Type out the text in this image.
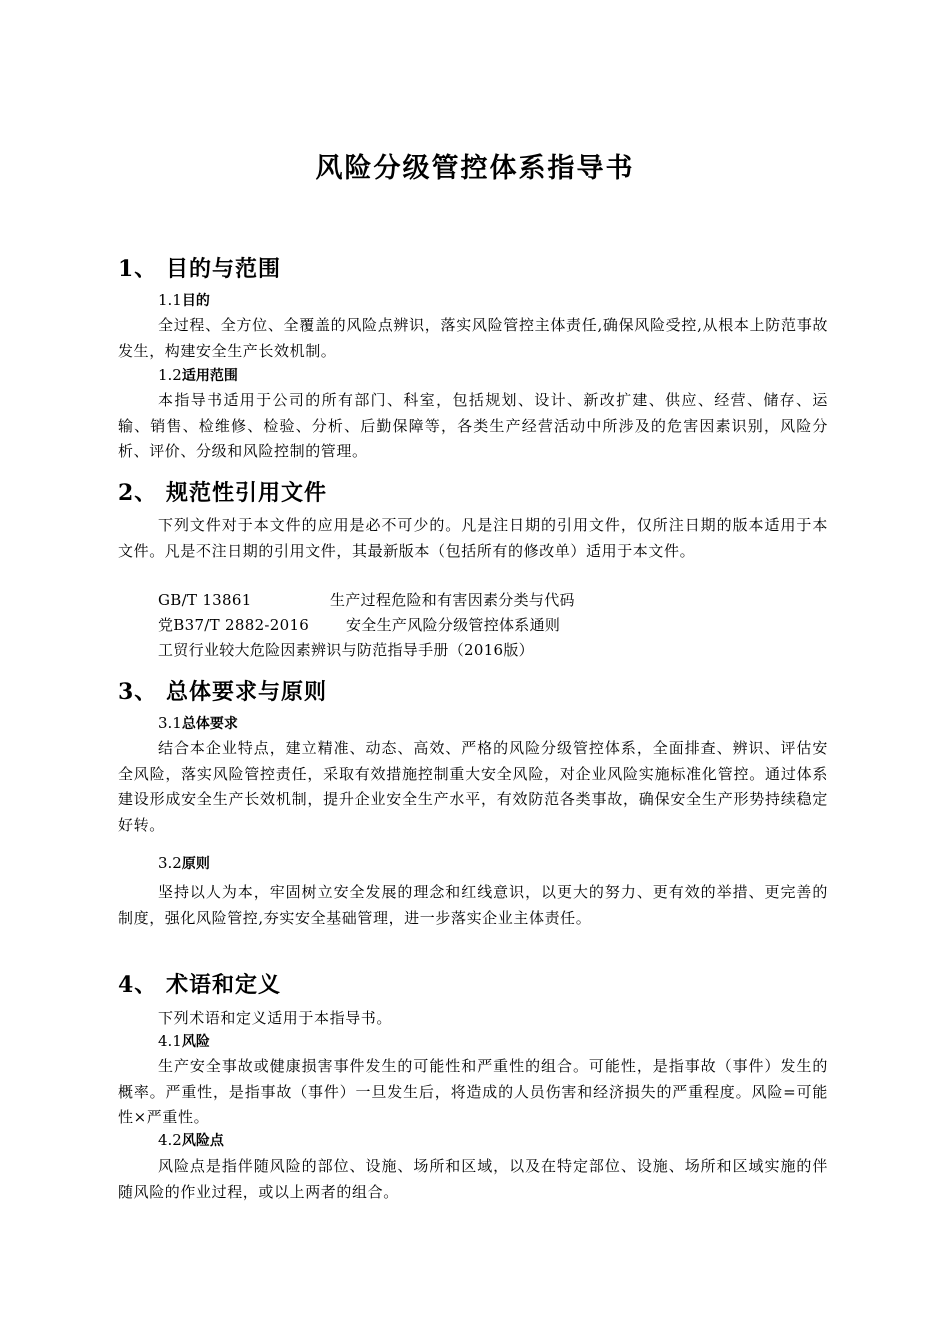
风险分级管控体系指导书
1、 目的与范围
1.1目的
全过程、全方位、全覆盖的风险点辨识，落实风险管控主体责任,确保风险受控,从根本上防范事故发生，构建安全生产长效机制。
1.2适用范围
本指导书适用于公司的所有部门、科室，包括规划、设计、新改扩建、供应、经营、储存、运输、销售、检维修、检验、分析、后勤保障等，各类生产经营活动中所涉及的危害因素识别，风险分析、评价、分级和风险控制的管理。
2、 规范性引用文件
下列文件对于本文件的应用是必不可少的。凡是注日期的引用文件，仅所注日期的版本适用于本文件。凡是不注日期的引用文件，其最新版本（包括所有的修改单）适用于本文件。
GB/T 13861	生产过程危险和有害因素分类与代码
党B37/T 2882-2016 安全生产风险分级管控体系通则
工贸行业较大危险因素辨识与防范指导手册（2016版）
3、 总体要求与原则
3.1总体要求
结合本企业特点，建立精准、动态、高效、严格的风险分级管控体系，全面排查、辨识、评估安全风险，落实风险管控责任，采取有效措施控制重大安全风险，对企业风险实施标准化管控。通过体系建设形成安全生产长效机制，提升企业安全生产水平，有效防范各类事故，确保安全生产形势持续稳定好转。
3.2原则
坚持以人为本，牢固树立安全发展的理念和红线意识，以更大的努力、更有效的举措、更完善的制度，强化风险管控,夯实安全基础管理，进一步落实企业主体责任。
4、 术语和定义
下列术语和定义适用于本指导书。
4.1风险
生产安全事故或健康损害事件发生的可能性和严重性的组合。可能性，是指事故（事件）发生的概率。严重性，是指事故（事件）一旦发生后，将造成的人员伤害和经济损失的严重程度。风险=可能性×严重性。
4.2风险点
风险点是指伴随风险的部位、设施、场所和区域，以及在特定部位、设施、场所和区域实施的伴随风险的作业过程，或以上两者的组合。
